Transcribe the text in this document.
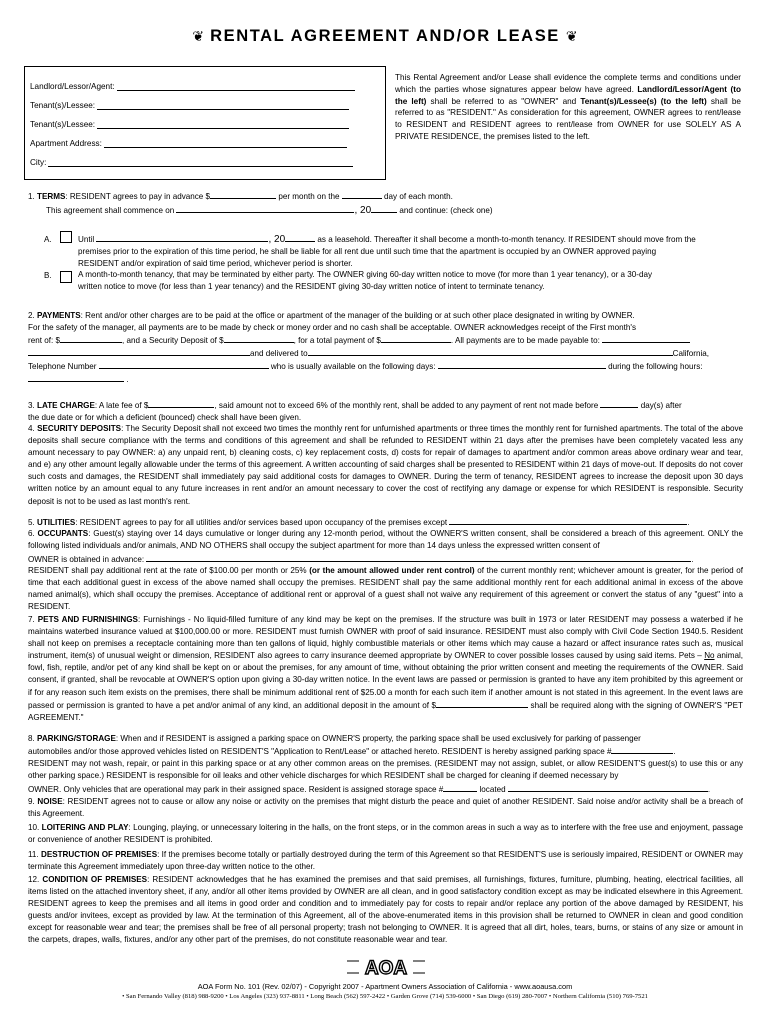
❦ RENTAL AGREEMENT AND/OR LEASE ❦
Landlord/Lessor/Agent:
Tenant(s)/Lessee:
Tenant(s)/Lessee:
Apartment Address:
City:
This Rental Agreement and/or Lease shall evidence the complete terms and conditions under which the parties whose signatures appear below have agreed. Landlord/Lessor/Agent (to the left) shall be referred to as "OWNER" and Tenant(s)/Lessee(s) (to the left) shall be referred to as "RESIDENT." As consideration for this agreement, OWNER agrees to rent/lease to RESIDENT and RESIDENT agrees to rent/lease from OWNER for use SOLELY AS A PRIVATE RESIDENCE, the premises listed to the left.
1. TERMS: RESIDENT agrees to pay in advance $	per month on the	day of each month.
This agreement shall commence on	, 20	and continue: (check one)
A.	Until	, 20	as a leasehold. Thereafter it shall become a month-to-month tenancy. If RESIDENT should move from the
premises prior to the expiration of this time period, he shall be liable for all rent due until such time that the apartment is occupied by an OWNER approved paying
RESIDENT and/or expiration of said time period, whichever period is shorter.
B.	A month-to-month tenancy, that may be terminated by either party. The OWNER giving 60-day written notice to move (for more than 1 year tenancy), or a 30-day
written notice to move (for less than 1 year tenancy) and the RESIDENT giving 30-day written notice of intent to terminate tenancy.
2. PAYMENTS: Rent and/or other charges are to be paid at the office or apartment of the manager of the building or at such other place designated in writing by OWNER.
For the safety of the manager, all payments are to be made by check or money order and no cash shall be acceptable. OWNER acknowledges receipt of the First month's
rent of: $	, and a Security Deposit of $	, for a total payment of $	. All payments are to be made payable to:
and delivered to	California,
Telephone Number	who is usually available on the following days:	during the following hours:
.
3. LATE CHARGE: A late fee of $	, said amount not to exceed 6% of the monthly rent, shall be added to any payment of rent not made before	day(s) after
the due date or for which a deficient (bounced) check shall have been given.
4. SECURITY DEPOSITS: The Security Deposit shall not exceed two times the monthly rent for unfurnished apartments or three times the monthly rent for furnished apartments. The total of the above deposits shall secure compliance with the terms and conditions of this agreement and shall be refunded to RESIDENT within 21 days after the premises have been completely vacated less any amount necessary to pay OWNER: a) any unpaid rent, b) cleaning costs, c) key replacement costs, d) costs for repair of damages to apartment and/or common areas above ordinary wear and tear, and e) any other amount legally allowable under the terms of this agreement. A written accounting of said charges shall be presented to RESIDENT within 21 days of move-out. If deposits do not cover such costs and damages, the RESIDENT shall immediately pay said additional costs for damages to OWNER. During the term of tenancy, RESIDENT agrees to increase the deposit upon 30 days written notice by an amount equal to any future increases in rent and/or an amount necessary to cover the cost of rectifying any damage or expense for which RESIDENT is responsible. Security deposit is not to be used as last month's rent.
5. UTILITIES: RESIDENT agrees to pay for all utilities and/or services based upon occupancy of the premises except	.
6. OCCUPANTS: Guest(s) staying over 14 days cumulative or longer during any 12-month period, without the OWNER'S written consent, shall be considered a breach of this agreement. ONLY the following listed individuals and/or animals, AND NO OTHERS shall occupy the subject apartment for more than 14 days unless the expressed written consent of
OWNER is obtained in advance:	.
RESIDENT shall pay additional rent at the rate of $100.00 per month or 25% (or the amount allowed under rent control) of the current monthly rent; whichever amount is greater, for the period of time that each additional guest in excess of the above named shall occupy the premises. RESIDENT shall pay the same additional monthly rent for each additional animal in excess of the above named animal(s), which shall occupy the premises. Acceptance of additional rent or approval of a guest shall not waive any requirement of this agreement or convert the status of any "guest" into a RESIDENT.
7. PETS AND FURNISHINGS: Furnishings - No liquid-filled furniture of any kind may be kept on the premises. If the structure was built in 1973 or later RESIDENT may possess a waterbed if he maintains waterbed insurance valued at $100,000.00 or more. RESIDENT must furnish OWNER with proof of said insurance. RESIDENT must also comply with Civil Code Section 1940.5. Resident shall not keep on premises a receptacle containing more than ten gallons of liquid, highly combustible materials or other items which may cause a hazard or affect insurance rates such as, musical instrument, item(s) of unusual weight or dimension, RESIDENT also agrees to carry insurance deemed appropriate by OWNER to cover possible losses caused by using said items. Pets – No animal, fowl, fish, reptile, and/or pet of any kind shall be kept on or about the premises, for any amount of time, without obtaining the prior written consent and meeting the requirements of the OWNER. Said consent, if granted, shall be revocable at OWNER'S option upon giving a 30-day written notice. In the event laws are passed or permission is granted to have any item prohibited by this agreement or if for any reason such item exists on the premises, there shall be minimum additional rent of $25.00 a month for each such item if another amount is not stated in this agreement. In the event laws are passed or permission is granted to have a pet and/or animal of any kind, an additional deposit in the amount of $	shall be required along with the signing of OWNER'S "PET AGREEMENT."
8. PARKING/STORAGE: When and if RESIDENT is assigned a parking space on OWNER'S property, the parking space shall be used exclusively for parking of passenger
automobiles and/or those approved vehicles listed on RESIDENT'S "Application to Rent/Lease" or attached hereto. RESIDENT is hereby assigned parking space #	.
RESIDENT may not wash, repair, or paint in this parking space or at any other common areas on the premises. (RESIDENT may not assign, sublet, or allow RESIDENT'S guest(s) to use this or any other parking space.) RESIDENT is responsible for oil leaks and other vehicle discharges for which RESIDENT shall be charged for cleaning if deemed necessary by
OWNER. Only vehicles that are operational may park in their assigned space. Resident is assigned storage space #	located	.
9. NOISE: RESIDENT agrees not to cause or allow any noise or activity on the premises that might disturb the peace and quiet of another RESIDENT. Said noise and/or activity shall be a breach of this Agreement.
10. LOITERING AND PLAY: Lounging, playing, or unnecessary loitering in the halls, on the front steps, or in the common areas in such a way as to interfere with the free use and enjoyment, passage or convenience of another RESIDENT is prohibited.
11. DESTRUCTION OF PREMISES: If the premises become totally or partially destroyed during the term of this Agreement so that RESIDENT'S use is seriously impaired, RESIDENT or OWNER may terminate this Agreement immediately upon three-day written notice to the other.
12. CONDITION OF PREMISES: RESIDENT acknowledges that he has examined the premises and that said premises, all furnishings, fixtures, furniture, plumbing, heating, electrical facilities, all items listed on the attached inventory sheet, if any, and/or all other items provided by OWNER are all clean, and in good satisfactory condition except as may be indicated elsewhere in this Agreement. RESIDENT agrees to keep the premises and all items in good order and condition and to immediately pay for costs to repair and/or replace any portion of the above damaged by RESIDENT, his guests and/or invitees, except as provided by law. At the termination of this Agreement, all of the above-enumerated items in this provision shall be returned to OWNER in clean and good condition except for reasonable wear and tear; the premises shall be free of all personal property; trash not belonging to OWNER. It is agreed that all dirt, holes, tears, burns, or stains of any size or amount in the carpets, drapes, walls, fixtures, and/or any other part of the premises, do not constitute reasonable wear and tear.
AOA
AOA Form No. 101 (Rev. 02/07) - Copyright 2007 - Apartment Owners Association of California - www.aoausa.com
• San Fernando Valley (818) 988-9200 • Los Angeles (323) 937-8811 • Long Beach (562) 597-2422 • Garden Grove (714) 539-6000 • San Diego (619) 280-7007 • Northern California (510) 769-7521
